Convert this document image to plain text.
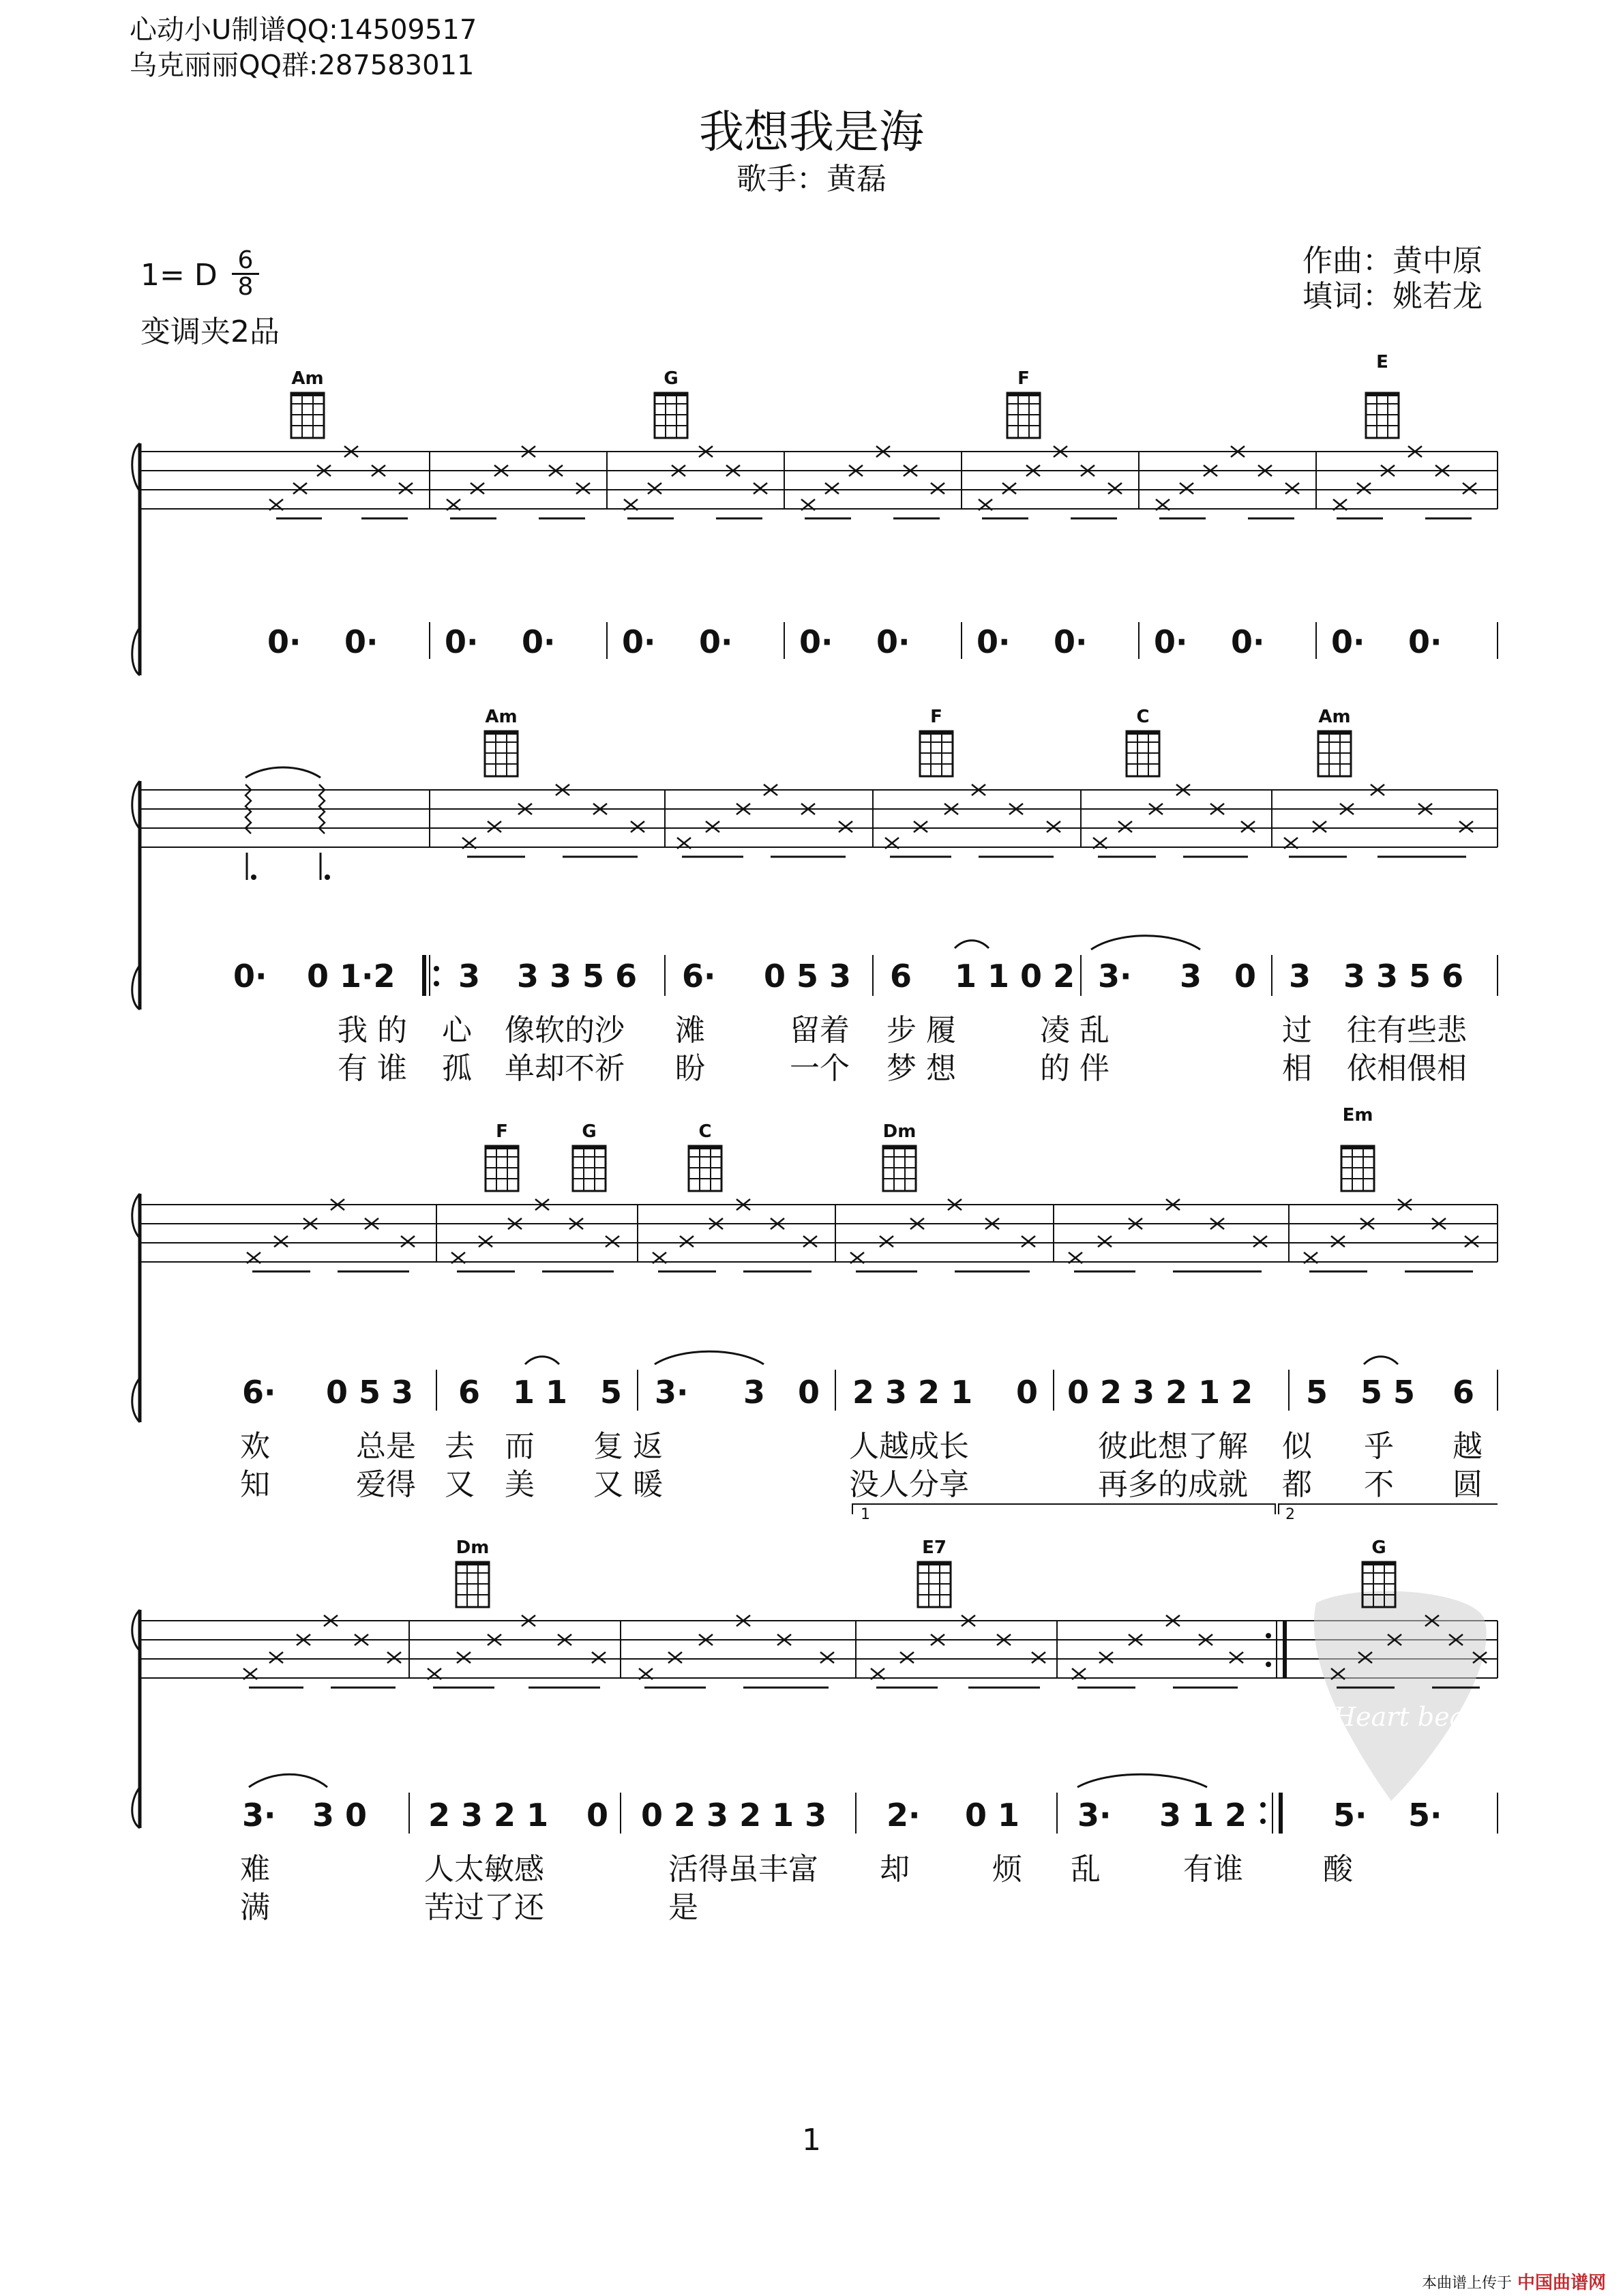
心动小U制谱QQ:14509517
乌克丽丽QQ群:287583011
我想我是海
歌手：黄磊
1= D 6
8
变调夹2品
作曲：黄中原
填词：姚若龙
Am	G	F
E
Am	F	C	Am
F	G	C	Dm
Em
Dm	E7	G
0· 0· 0· 0· 0· 0· 0· 0· 0· 0· 0· 0· 0· 0·
0· 0 1·2 3 3 3 5 6 6· 0 5 3 6 1 1 0 2 3· 3 0 3 3 3 5 6
我 的 心 像软的沙 滩	留着 步 履	凌 乱	过 往有些悲
有 谁 孤 单却不祈 盼	一个 梦 想	的 伴	相 依相偎相
6· 0 5 3 6 1 1 5 3· 3 0 2 3 2 1 0 0 2 3 2 1 2 5 5 5 6
欢	总是 去 而 复 返	人越成长	彼此想了解 似 乎 越
知	爱得 又 美 又 暖	没人分享	再多的成就 都 不 圆
1	2
3· 3 0 2 3 2 1 0 0 2 3 2 1 3 2· 0 1 3· 3 1 2	5· 5·
难	人太敏感	活得虽丰富 却	烦 乱	有谁	酸
满	苦过了还	是
Heart beat
1
本曲谱上传于 中国曲谱网
